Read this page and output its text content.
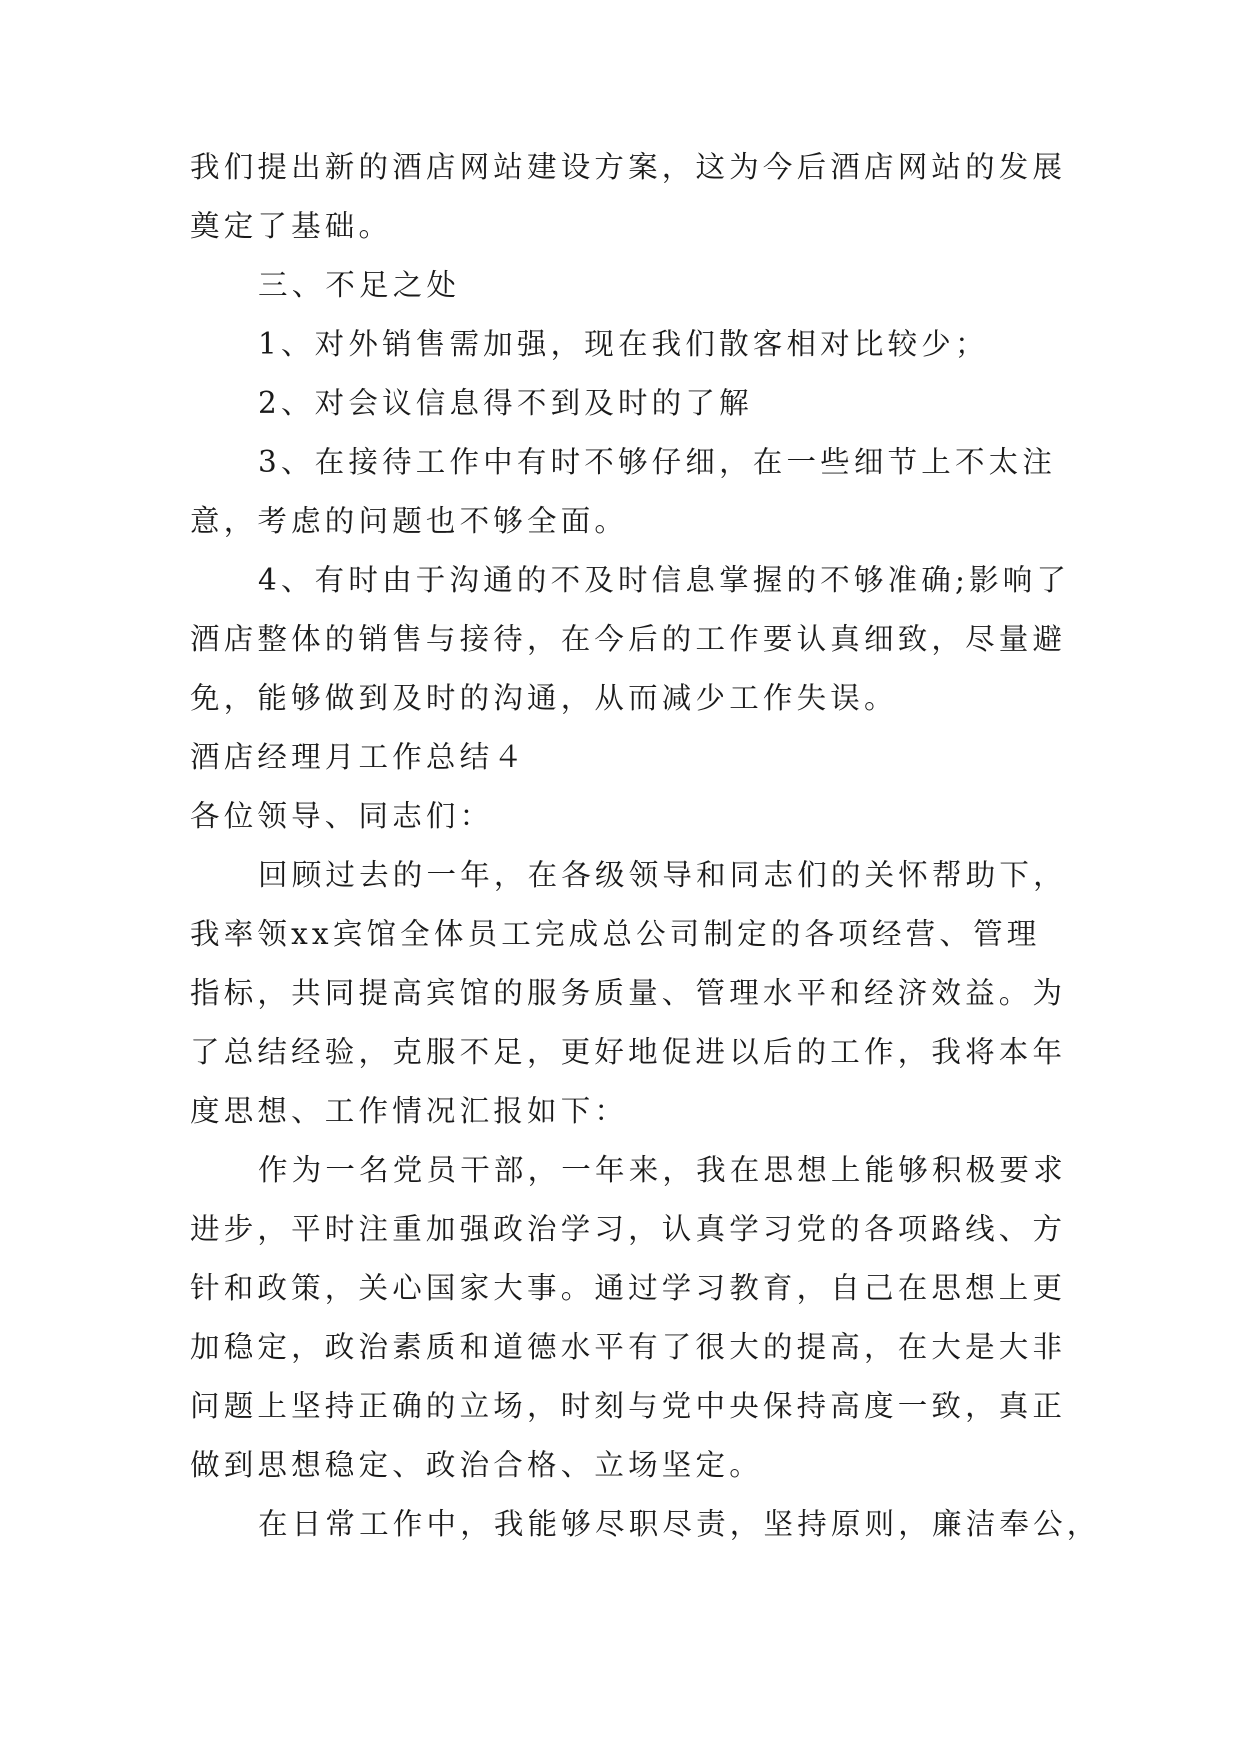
我们提出新的酒店网站建设方案，这为今后酒店网站的发展
奠定了基础。
三、不足之处
1、对外销售需加强，现在我们散客相对比较少；
2、对会议信息得不到及时的了解
3、在接待工作中有时不够仔细，在一些细节上不太注
意，考虑的问题也不够全面。
4、有时由于沟通的不及时信息掌握的不够准确;影响了
酒店整体的销售与接待，在今后的工作要认真细致，尽量避
免，能够做到及时的沟通，从而减少工作失误。
酒店经理月工作总结４
各位领导、同志们：
回顾过去的一年，在各级领导和同志们的关怀帮助下，
我率领xx宾馆全体员工完成总公司制定的各项经营、管理
指标，共同提高宾馆的服务质量、管理水平和经济效益。为
了总结经验，克服不足，更好地促进以后的工作，我将本年
度思想、工作情况汇报如下：
作为一名党员干部，一年来，我在思想上能够积极要求
进步，平时注重加强政治学习，认真学习党的各项路线、方
针和政策，关心国家大事。通过学习教育，自己在思想上更
加稳定，政治素质和道德水平有了很大的提高，在大是大非
问题上坚持正确的立场，时刻与党中央保持高度一致，真正
做到思想稳定、政治合格、立场坚定。
在日常工作中，我能够尽职尽责，坚持原则，廉洁奉公，
